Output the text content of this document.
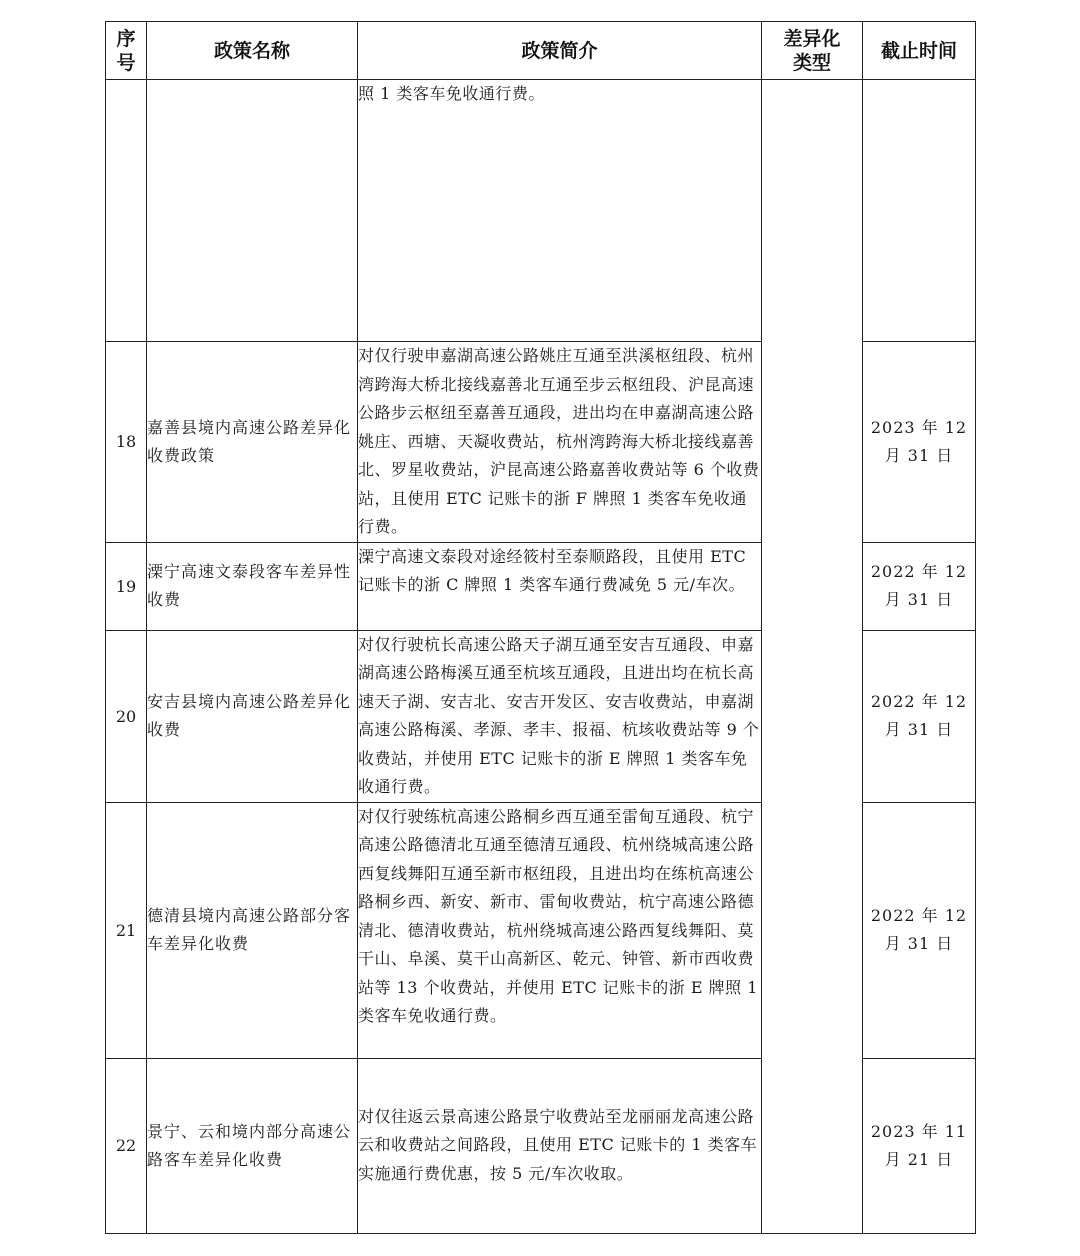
序号	政策名称	政策简介	差异化类型	截止时间
		照 1 类客车免收通行费。		

18	嘉善县境内高速公路差异化收费政策	对仅行驶申嘉湖高速公路姚庄互通至洪溪枢纽段、杭州湾跨海大桥北接线嘉善北互通至步云枢纽段、沪昆高速公路步云枢纽至嘉善互通段，进出均在申嘉湖高速公路姚庄、西塘、天凝收费站，杭州湾跨海大桥北接线嘉善北、罗星收费站，沪昆高速公路嘉善收费站等 6 个收费站，且使用 ETC 记账卡的浙 F 牌照 1 类客车免收通行费。		2023 年 12
月 31 日

19	溧宁高速文泰段客车差异性收费	溧宁高速文泰段对途经筱村至泰顺路段，且使用 ETC 记账卡的浙 C 牌照 1 类客车通行费减免 5 元/车次。		2022 年 12
月 31 日

20	安吉县境内高速公路差异化收费	对仅行驶杭长高速公路天子湖互通至安吉互通段、申嘉湖高速公路梅溪互通至杭垓互通段，且进出均在杭长高速天子湖、安吉北、安吉开发区、安吉收费站，申嘉湖高速公路梅溪、孝源、孝丰、报福、杭垓收费站等 9 个收费站，并使用 ETC 记账卡的浙 E 牌照 1 类客车免收通行费。		2022 年 12
月 31 日

21	德清县境内高速公路部分客车差异化收费	对仅行驶练杭高速公路桐乡西互通至雷甸互通段、杭宁高速公路德清北互通至德清互通段、杭州绕城高速公路西复线舞阳互通至新市枢纽段，且进出均在练杭高速公路桐乡西、新安、新市、雷甸收费站，杭宁高速公路德清北、德清收费站，杭州绕城高速公路西复线舞阳、莫干山、阜溪、莫干山高新区、乾元、钟管、新市西收费站等 13 个收费站，并使用 ETC 记账卡的浙 E 牌照 1 类客车免收通行费。		2022 年 12
月 31 日

22	景宁、云和境内部分高速公路客车差异化收费	对仅往返云景高速公路景宁收费站至龙丽丽龙高速公路云和收费站之间路段，且使用 ETC 记账卡的 1 类客车实施通行费优惠，按 5 元/车次收取。		2023 年 11
月 21 日
